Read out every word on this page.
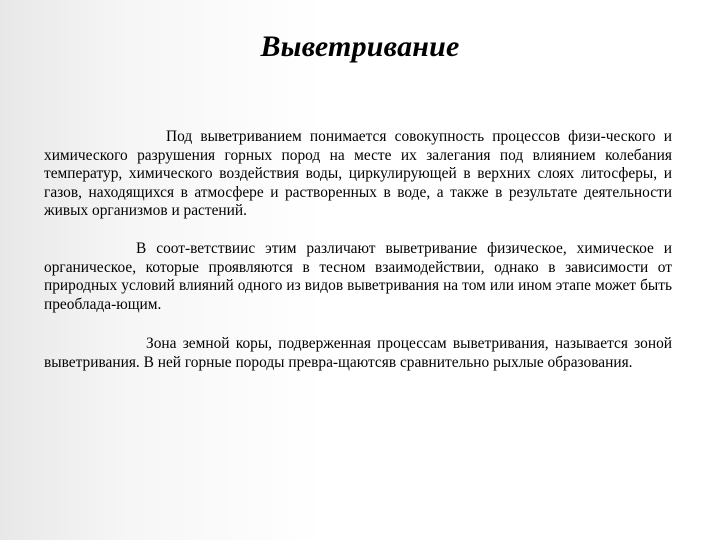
Выветривание

Под выветриванием понимается совокупность процессов физи-ческого и химического разрушения горных пород на месте их залегания под влиянием колебания температур, химического воздействия воды, циркулирующей в верхних слоях литосферы, и газов, находящихся в атмосфере и растворенных в воде, а также в результате деятельности живых организмов и растений.

В соот-ветствиис этим различают выветривание физическое, химическое и органическое, которые проявляются в тесном взаимодействии, однако в зависимости от природных условий влияний одного из видов выветривания на том или ином этапе может быть преоблада-ющим.

Зона земной коры, подверженная процессам выветривания, называется зоной выветривания. В ней горные породы превра-щаютсяв сравнительно рыхлые образования.
